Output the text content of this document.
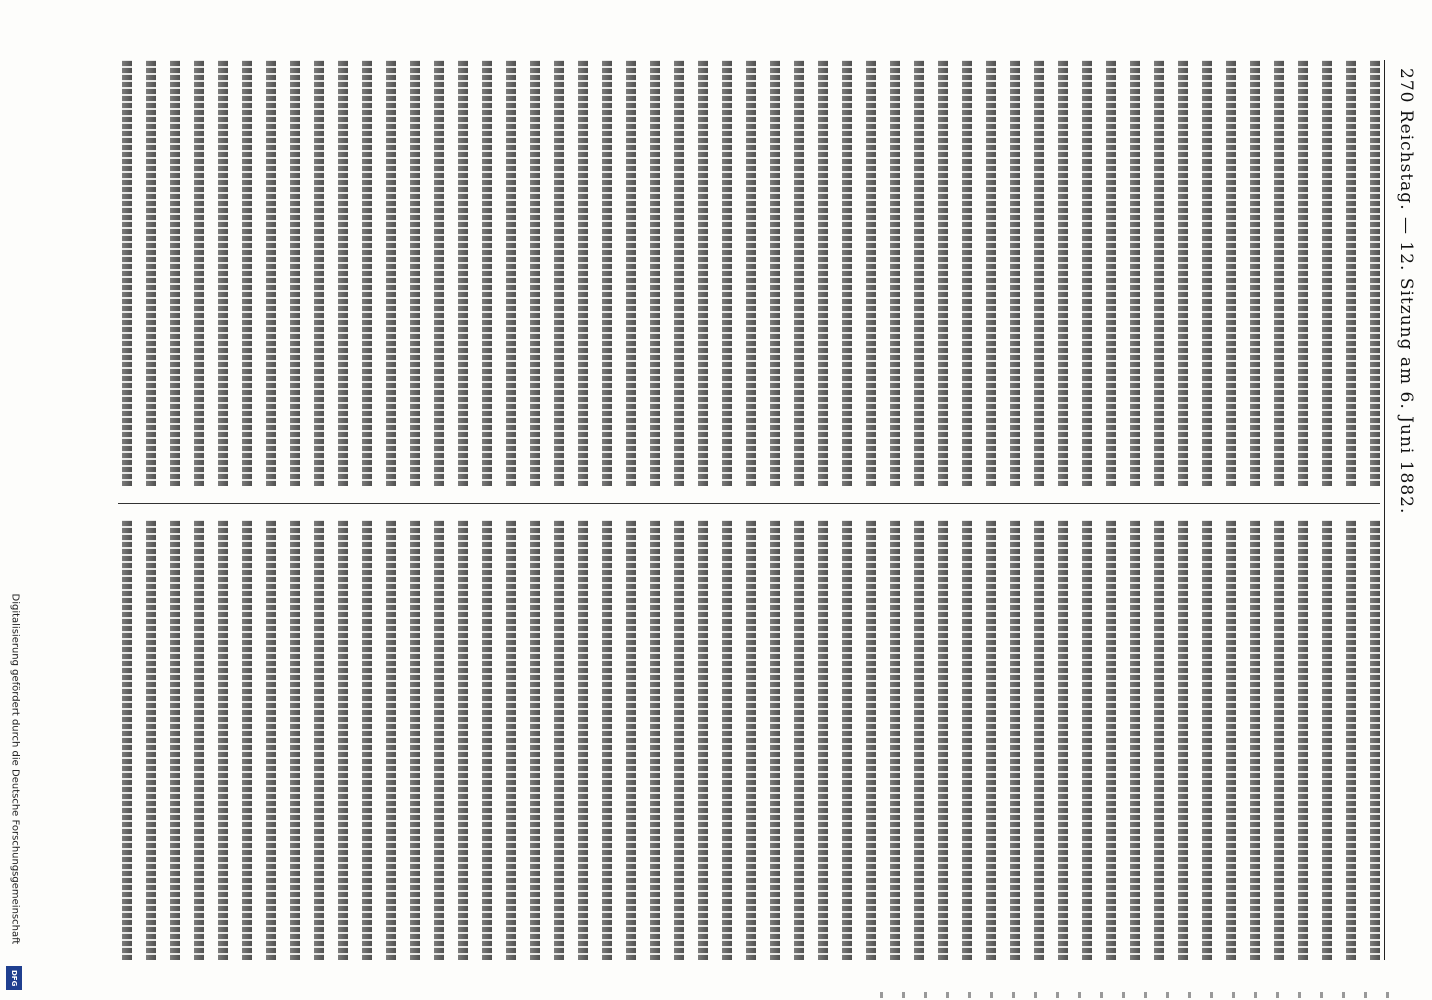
270 Reichstag. — 12. Sitzung am 6. Juni 1882.
Digitalisierung gefördert durch die Deutsche Forschungsgemeinschaft
DFG
